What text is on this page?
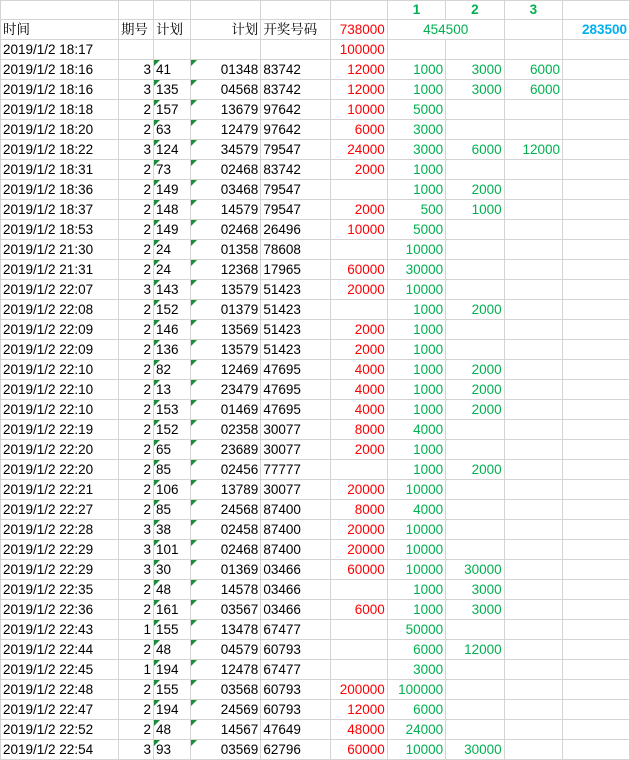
						1	2	3	
时间	期号	计划	计划	开奖号码	738000	454500			283500
2019/1/2 18:17					100000				
2019/1/2 18:16	3	41	01348	83742	12000	1000	3000	6000	
2019/1/2 18:16	3	135	04568	83742	12000	1000	3000	6000	
2019/1/2 18:18	2	157	13679	97642	10000	5000			
2019/1/2 18:20	2	63	12479	97642	6000	3000			
2019/1/2 18:22	3	124	34579	79547	24000	3000	6000	12000	
2019/1/2 18:31	2	73	02468	83742	2000	1000			
2019/1/2 18:36	2	149	03468	79547		1000	2000		
2019/1/2 18:37	2	148	14579	79547	2000	500	1000		
2019/1/2 18:53	2	149	02468	26496	10000	5000			
2019/1/2 21:30	2	24	01358	78608		10000			
2019/1/2 21:31	2	24	12368	17965	60000	30000			
2019/1/2 22:07	3	143	13579	51423	20000	10000			
2019/1/2 22:08	2	152	01379	51423		1000	2000		
2019/1/2 22:09	2	146	13569	51423	2000	1000			
2019/1/2 22:09	2	136	13579	51423	2000	1000			
2019/1/2 22:10	2	82	12469	47695	4000	1000	2000		
2019/1/2 22:10	2	13	23479	47695	4000	1000	2000		
2019/1/2 22:10	2	153	01469	47695	4000	1000	2000		
2019/1/2 22:19	2	152	02358	30077	8000	4000			
2019/1/2 22:20	2	65	23689	30077	2000	1000			
2019/1/2 22:20	2	85	02456	77777		1000	2000		
2019/1/2 22:21	2	106	13789	30077	20000	10000			
2019/1/2 22:27	2	85	24568	87400	8000	4000			
2019/1/2 22:28	3	38	02458	87400	20000	10000			
2019/1/2 22:29	3	101	02468	87400	20000	10000			
2019/1/2 22:29	3	30	01369	03466	60000	10000	30000		
2019/1/2 22:35	2	48	14578	03466		1000	3000		
2019/1/2 22:36	2	161	03567	03466	6000	1000	3000		
2019/1/2 22:43	1	155	13478	67477		50000			
2019/1/2 22:44	2	48	04579	60793		6000	12000		
2019/1/2 22:45	1	194	12478	67477		3000			
2019/1/2 22:48	2	155	03568	60793	200000	100000			
2019/1/2 22:47	2	194	24569	60793	12000	6000			
2019/1/2 22:52	2	48	14567	47649	48000	24000			
2019/1/2 22:54	3	93	03569	62796	60000	10000	30000		
